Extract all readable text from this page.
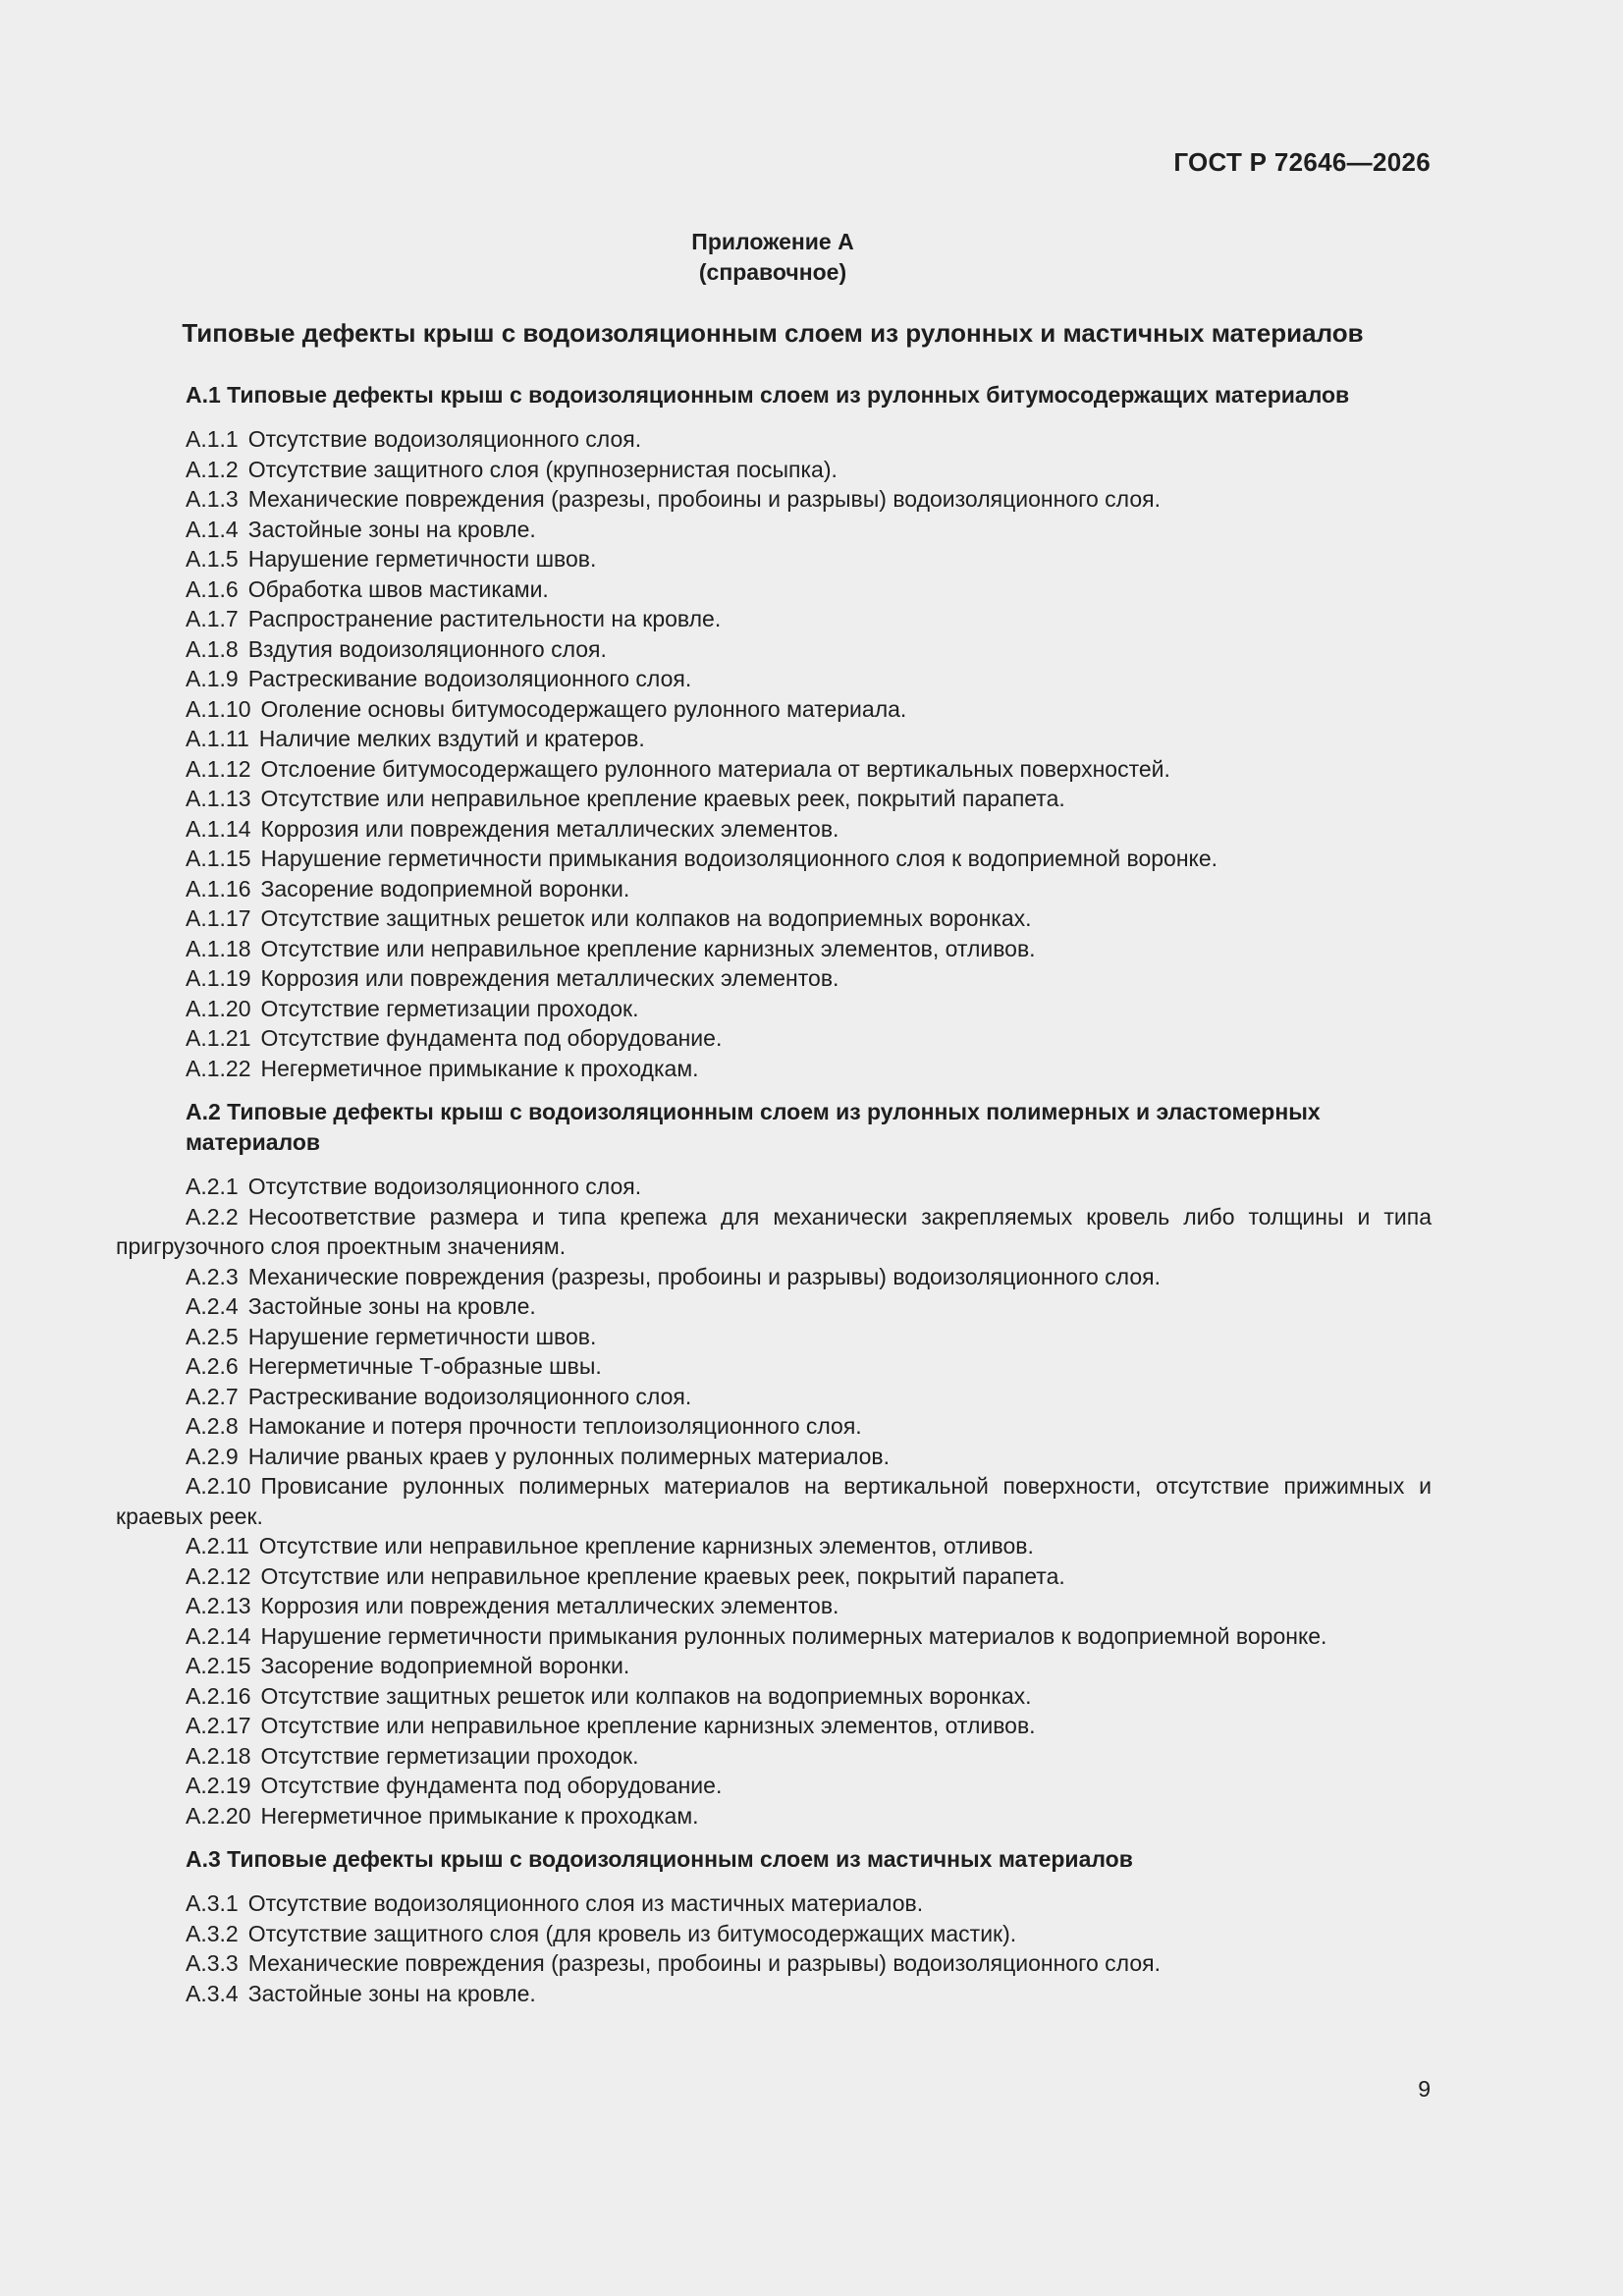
ГОСТ Р 72646—2026
Приложение А
(справочное)
Типовые дефекты крыш с водоизоляционным слоем из рулонных и мастичных материалов
А.1 Типовые дефекты крыш с водоизоляционным слоем из рулонных битумосодержащих материалов
А.1.1 Отсутствие водоизоляционного слоя.
А.1.2 Отсутствие защитного слоя (крупнозернистая посыпка).
А.1.3 Механические повреждения (разрезы, пробоины и разрывы) водоизоляционного слоя.
А.1.4 Застойные зоны на кровле.
А.1.5 Нарушение герметичности швов.
А.1.6 Обработка швов мастиками.
А.1.7 Распространение растительности на кровле.
А.1.8 Вздутия водоизоляционного слоя.
А.1.9 Растрескивание водоизоляционного слоя.
А.1.10 Оголение основы битумосодержащего рулонного материала.
А.1.11 Наличие мелких вздутий и кратеров.
А.1.12 Отслоение битумосодержащего рулонного материала от вертикальных поверхностей.
А.1.13 Отсутствие или неправильное крепление краевых реек, покрытий парапета.
А.1.14 Коррозия или повреждения металлических элементов.
А.1.15 Нарушение герметичности примыкания водоизоляционного слоя к водоприемной воронке.
А.1.16 Засорение водоприемной воронки.
А.1.17 Отсутствие защитных решеток или колпаков на водоприемных воронках.
А.1.18 Отсутствие или неправильное крепление карнизных элементов, отливов.
А.1.19 Коррозия или повреждения металлических элементов.
А.1.20 Отсутствие герметизации проходок.
А.1.21 Отсутствие фундамента под оборудование.
А.1.22 Негерметичное примыкание к проходкам.
А.2 Типовые дефекты крыш с водоизоляционным слоем из рулонных полимерных и эластомерных материалов
А.2.1 Отсутствие водоизоляционного слоя.
А.2.2 Несоответствие размера и типа крепежа для механически закрепляемых кровель либо толщины и типа пригрузочного слоя проектным значениям.
А.2.3 Механические повреждения (разрезы, пробоины и разрывы) водоизоляционного слоя.
А.2.4 Застойные зоны на кровле.
А.2.5 Нарушение герметичности швов.
А.2.6 Негерметичные Т-образные швы.
А.2.7 Растрескивание водоизоляционного слоя.
А.2.8 Намокание и потеря прочности теплоизоляционного слоя.
А.2.9 Наличие рваных краев у рулонных полимерных материалов.
А.2.10 Провисание рулонных полимерных материалов на вертикальной поверхности, отсутствие прижимных и краевых реек.
А.2.11 Отсутствие или неправильное крепление карнизных элементов, отливов.
А.2.12 Отсутствие или неправильное крепление краевых реек, покрытий парапета.
А.2.13 Коррозия или повреждения металлических элементов.
А.2.14 Нарушение герметичности примыкания рулонных полимерных материалов к водоприемной воронке.
А.2.15 Засорение водоприемной воронки.
А.2.16 Отсутствие защитных решеток или колпаков на водоприемных воронках.
А.2.17 Отсутствие или неправильное крепление карнизных элементов, отливов.
А.2.18 Отсутствие герметизации проходок.
А.2.19 Отсутствие фундамента под оборудование.
А.2.20 Негерметичное примыкание к проходкам.
А.3 Типовые дефекты крыш с водоизоляционным слоем из мастичных материалов
А.3.1 Отсутствие водоизоляционного слоя из мастичных материалов.
А.3.2 Отсутствие защитного слоя (для кровель из битумосодержащих мастик).
А.3.3 Механические повреждения (разрезы, пробоины и разрывы) водоизоляционного слоя.
А.3.4 Застойные зоны на кровле.
9
